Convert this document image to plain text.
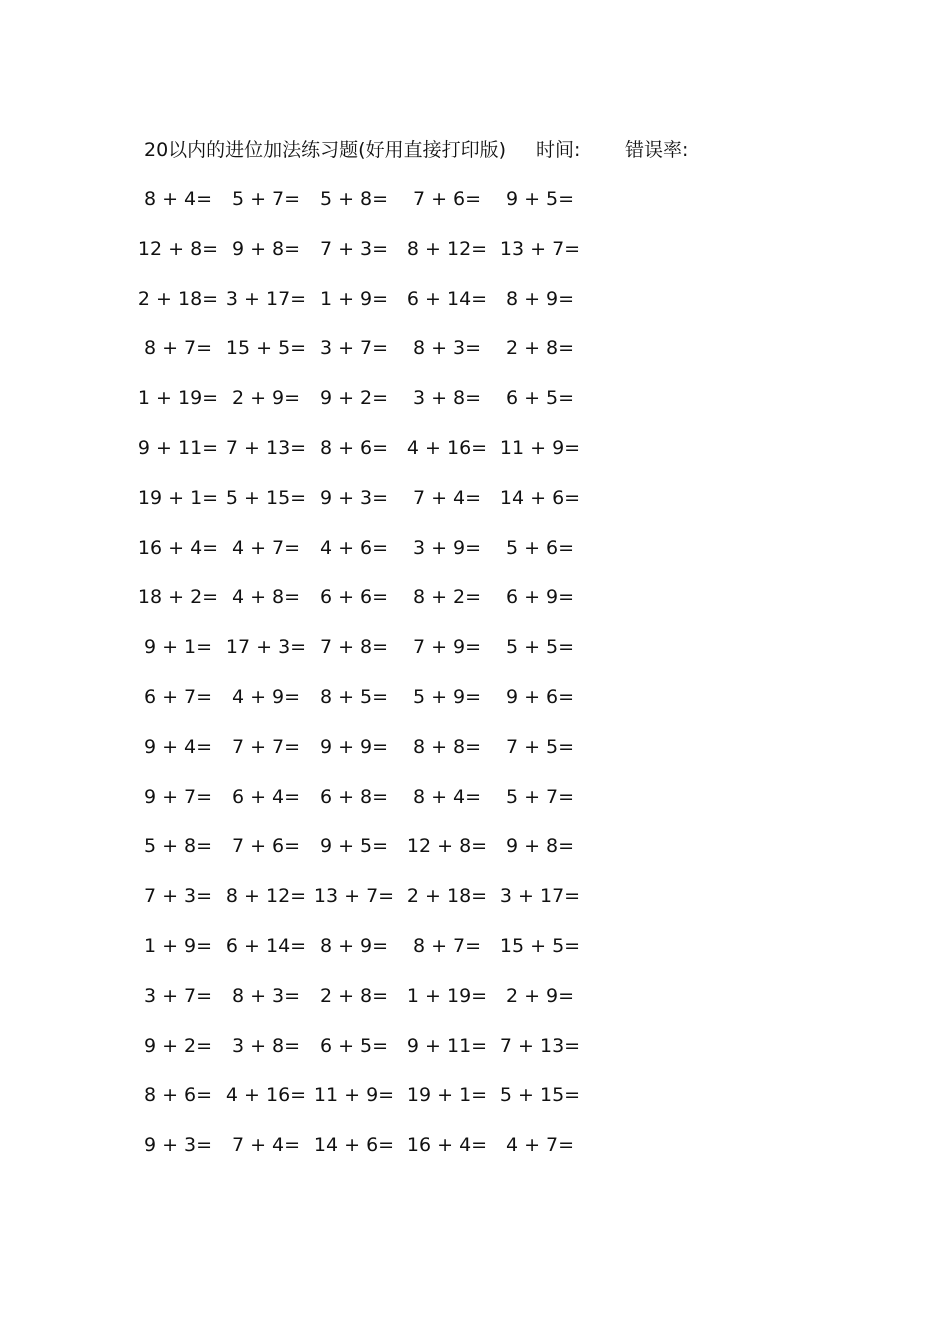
20以内的进位加法练习题(好用直接打印版) 时间: 错误率:
8 + 4=	5 + 7=	5 + 8=	7 + 6=	9 + 5=
12 + 8= 9 + 8=	7 + 3= 8 + 12= 13 + 7=
2 + 18= 3 + 17= 1 + 9= 6 + 14= 8 + 9=
8 + 7= 15 + 5= 3 + 7=	8 + 3=	2 + 8=
1 + 19= 2 + 9=	9 + 2=	3 + 8=	6 + 5=
9 + 11= 7 + 13= 8 + 6= 4 + 16= 11 + 9=
19 + 1= 5 + 15= 9 + 3=	7 + 4= 14 + 6=
16 + 4= 4 + 7=	4 + 6=	3 + 9=	5 + 6=
18 + 2= 4 + 8=	6 + 6=	8 + 2=	6 + 9=
9 + 1= 17 + 3= 7 + 8=	7 + 9=	5 + 5=
6 + 7=	4 + 9=	8 + 5=	5 + 9=	9 + 6=
9 + 4=	7 + 7=	9 + 9=	8 + 8=	7 + 5=
9 + 7=	6 + 4=	6 + 8=	8 + 4=	5 + 7=
5 + 8=	7 + 6=	9 + 5= 12 + 8= 9 + 8=
7 + 3= 8 + 12= 13 + 7= 2 + 18= 3 + 17=
1 + 9= 6 + 14= 8 + 9=	8 + 7= 15 + 5=
3 + 7=	8 + 3=	2 + 8= 1 + 19= 2 + 9=
9 + 2=	3 + 8=	6 + 5= 9 + 11= 7 + 13=
8 + 6= 4 + 16= 11 + 9= 19 + 1= 5 + 15=
9 + 3=	7 + 4= 14 + 6= 16 + 4= 4 + 7=
